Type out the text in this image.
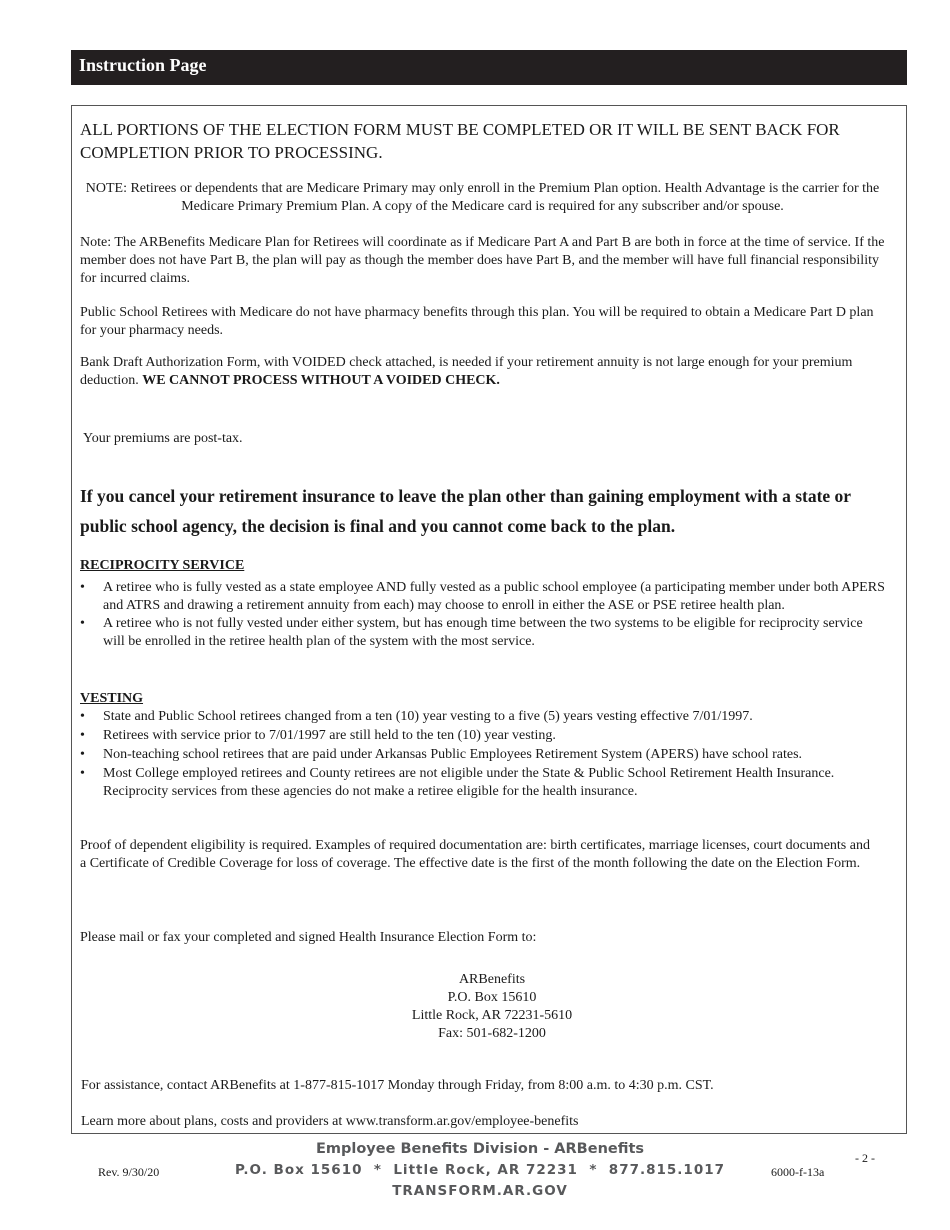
Instruction Page

ALL PORTIONS OF THE ELECTION FORM MUST BE COMPLETED OR IT WILL BE SENT BACK FOR COMPLETION PRIOR TO PROCESSING.

NOTE: Retirees or dependents that are Medicare Primary may only enroll in the Premium Plan option. Health Advantage is the carrier for the Medicare Primary Premium Plan. A copy of the Medicare card is required for any subscriber and/or spouse.

Note: The ARBenefits Medicare Plan for Retirees will coordinate as if Medicare Part A and Part B are both in force at the time of service. If the member does not have Part B, the plan will pay as though the member does have Part B, and the member will have full financial responsibility for incurred claims.

Public School Retirees with Medicare do not have pharmacy benefits through this plan. You will be required to obtain a Medicare Part D plan for your pharmacy needs.

Bank Draft Authorization Form, with VOIDED check attached, is needed if your retirement annuity is not large enough for your premium deduction. WE CANNOT PROCESS WITHOUT A VOIDED CHECK.

Your premiums are post-tax.

If you cancel your retirement insurance to leave the plan other than gaining employment with a state or public school agency, the decision is final and you cannot come back to the plan.

RECIPROCITY SERVICE

• A retiree who is fully vested as a state employee AND fully vested as a public school employee (a participating member under both APERS and ATRS and drawing a retirement annuity from each) may choose to enroll in either the ASE or PSE retiree health plan.
• A retiree who is not fully vested under either system, but has enough time between the two systems to be eligible for reciprocity service will be enrolled in the retiree health plan of the system with the most service.

VESTING

• State and Public School retirees changed from a ten (10) year vesting to a five (5) years vesting effective 7/01/1997.
• Retirees with service prior to 7/01/1997 are still held to the ten (10) year vesting.
• Non-teaching school retirees that are paid under Arkansas Public Employees Retirement System (APERS) have school rates.
• Most College employed retirees and County retirees are not eligible under the State & Public School Retirement Health Insurance. Reciprocity services from these agencies do not make a retiree eligible for the health insurance.

Proof of dependent eligibility is required. Examples of required documentation are: birth certificates, marriage licenses, court documents and a Certificate of Credible Coverage for loss of coverage. The effective date is the first of the month following the date on the Election Form.

Please mail or fax your completed and signed Health Insurance Election Form to:

ARBenefits
P.O. Box 15610
Little Rock, AR 72231-5610
Fax: 501-682-1200

For assistance, contact ARBenefits at 1-877-815-1017 Monday through Friday, from 8:00 a.m. to 4:30 p.m. CST.

Learn more about plans, costs and providers at www.transform.ar.gov/employee-benefits

Employee Benefits Division - ARBenefits
P.O. Box 15610  *  Little Rock, AR 72231  *  877.815.1017
TRANSFORM.AR.GOV
Rev. 9/30/20	6000-f-13a
- 2 -
